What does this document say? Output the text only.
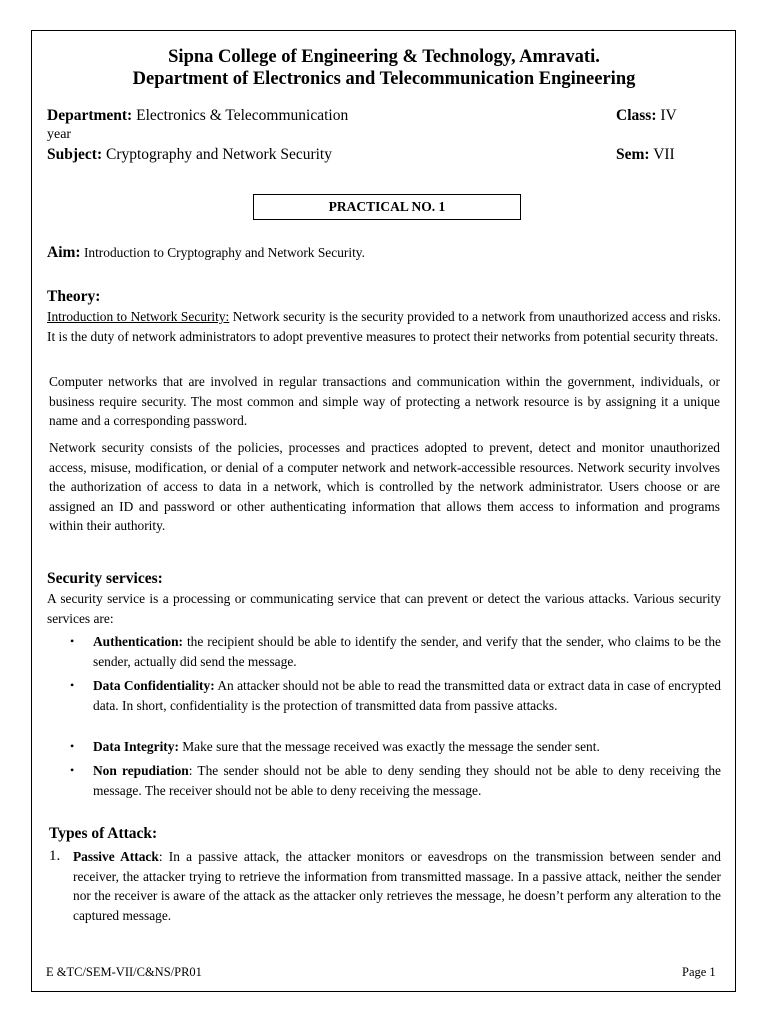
Sipna College of Engineering & Technology, Amravati.

Department of Electronics and Telecommunication Engineering

Department: Electronics & Telecommunication
year
Class: IV
Subject: Cryptography and Network Security	Sem: VII
PRACTICAL NO. 1
Aim: Introduction to Cryptography and Network Security.
Theory:

Introduction to Network Security: Network security is the security provided to a network from unauthorized access and risks. It is the duty of network administrators to adopt preventive measures to protect their networks from potential security threats.

Computer networks that are involved in regular transactions and communication within the government, individuals, or business require security. The most common and simple way of protecting a network resource is by assigning it a unique name and a corresponding password.

Network security consists of the policies, processes and practices adopted to prevent, detect and monitor unauthorized access, misuse, modification, or denial of a computer network and network-accessible resources. Network security involves the authorization of access to data in a network, which is controlled by the network administrator. Users choose or are assigned an ID and password or other authenticating information that allows them access to information and programs within their authority.

Security services:

A security service is a processing or communicating service that can prevent or detect the various attacks. Various security services are:

• Authentication: the recipient should be able to identify the sender, and verify that the sender, who claims to be the sender, actually did send the message.
• Data Confidentiality: An attacker should not be able to read the transmitted data or extract data in case of encrypted data. In short, confidentiality is the protection of transmitted data from passive attacks.
• Data Integrity: Make sure that the message received was exactly the message the sender sent.
• Non repudiation: The sender should not be able to deny sending they should not be able to deny receiving the message. The receiver should not be able to deny receiving the message.
Types of Attack:
1. Passive Attack: In a passive attack, the attacker monitors or eavesdrops on the transmission between sender and receiver, the attacker trying to retrieve the information from transmitted massage. In a passive attack, neither the sender nor the receiver is aware of the attack as the attacker only retrieves the message, he doesn’t perform any alteration to the captured message.
E &TC/SEM-VII/C&NS/PR01	Page 1
